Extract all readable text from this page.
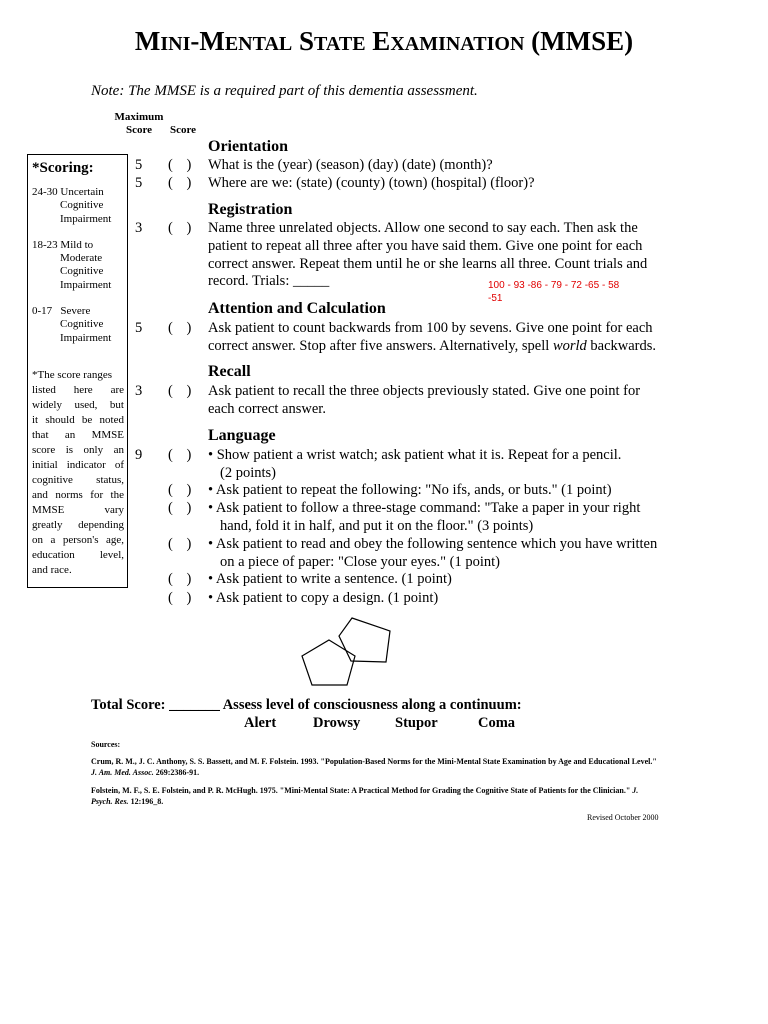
MINI-MENTAL STATE EXAMINATION (MMSE)
Note: The MMSE is a required part of this dementia assessment.
Maximum
Score	Score
*Scoring:
24-30 Uncertain
Cognitive
Impairment
18-23 Mild to
Moderate
Cognitive
Impairment
0-17 Severe
Cognitive
Impairment
*The score ranges
listed here are
widely used, but
it should be noted
that an MMSE
score is only an
initial indicator of
cognitive status,
and norms for the
MMSE vary
greatly depending
on a person's age,
education level,
and race.
Orientation
5 ( ) What is the (year) (season) (day) (date) (month)?
5 ( ) Where are we: (state) (county) (town) (hospital) (floor)?
Registration
3 ( ) Name three unrelated objects. Allow one second to say each. Then ask the
patient to repeat all three after you have said them. Give one point for each
correct answer. Repeat them until he or she learns all three. Count trials and
record. Trials: _____	100 - 93 -86 - 79 - 72 -65 - 58 -51
Attention and Calculation
5 ( ) Ask patient to count backwards from 100 by sevens. Give one point for each
correct answer. Stop after five answers. Alternatively, spell world backwards.
Recall
3 ( ) Ask patient to recall the three objects previously stated. Give one point for
each correct answer.
Language
9 ( ) • Show patient a wrist watch; ask patient what it is. Repeat for a pencil.
(2 points)
( ) • Ask patient to repeat the following: "No ifs, ands, or buts." (1 point)
( ) • Ask patient to follow a three-stage command: "Take a paper in your right
hand, fold it in half, and put it on the floor." (3 points)
( ) • Ask patient to read and obey the following sentence which you have written
on a piece of paper: "Close your eyes." (1 point)
( ) • Ask patient to write a sentence. (1 point)
( ) • Ask patient to copy a design. (1 point)
Total Score: _______ Assess level of consciousness along a continuum:
Alert	Drowsy Stupor	Coma
Sources:
Crum, R. M., J. C. Anthony, S. S. Bassett, and M. F. Folstein. 1993. "Population-Based Norms for the Mini-Mental State Examination by Age and Educational Level." J. Am. Med. Assoc. 269:2386-91.
Folstein, M. F., S. E. Folstein, and P. R. McHugh. 1975. "Mini-Mental State: A Practical Method for Grading the Cognitive State of Patients for the Clinician." J. Psych. Res. 12:196_8.
Revised October 2000
